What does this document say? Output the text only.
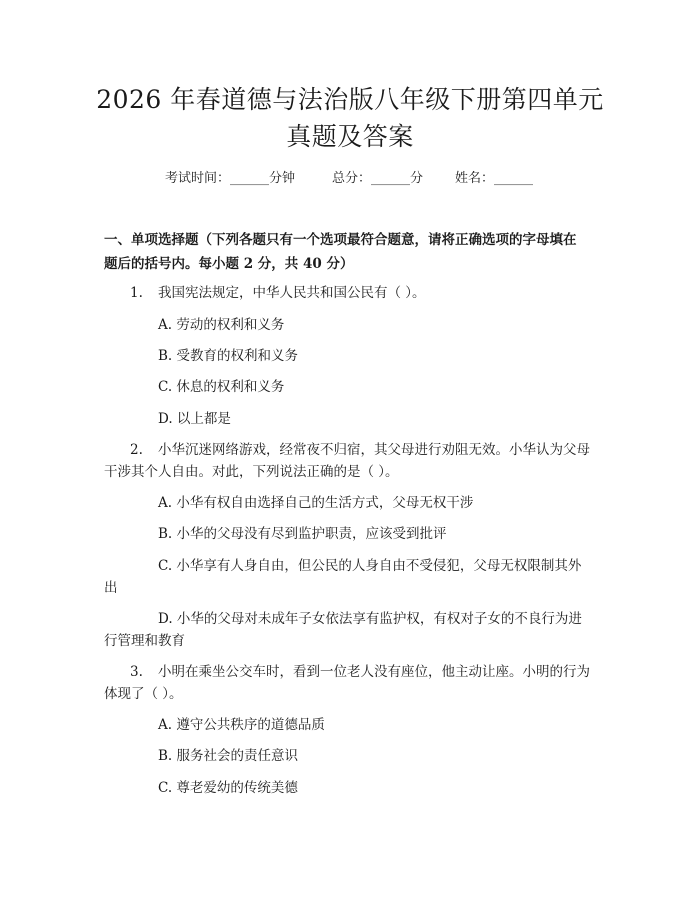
2026 年春道德与法治版八年级下册第四单元
真题及答案
考试时间：______分钟	总分：______分 姓名：______
一、单项选择题（下列各题只有一个选项最符合题意，请将正确选项的字母填在
题后的括号内。每小题 2 分，共 40 分）
1. 我国宪法规定，中华人民共和国公民有（ ）。
A. 劳动的权利和义务
B. 受教育的权利和义务
C. 休息的权利和义务
D. 以上都是
2. 小华沉迷网络游戏，经常夜不归宿，其父母进行劝阻无效。小华认为父母
干涉其个人自由。对此，下列说法正确的是（ ）。
A. 小华有权自由选择自己的生活方式，父母无权干涉
B. 小华的父母没有尽到监护职责，应该受到批评
C. 小华享有人身自由，但公民的人身自由不受侵犯，父母无权限制其外
出
D. 小华的父母对未成年子女依法享有监护权，有权对子女的不良行为进
行管理和教育
3. 小明在乘坐公交车时，看到一位老人没有座位，他主动让座。小明的行为
体现了（ ）。
A. 遵守公共秩序的道德品质
B. 服务社会的责任意识
C. 尊老爱幼的传统美德
